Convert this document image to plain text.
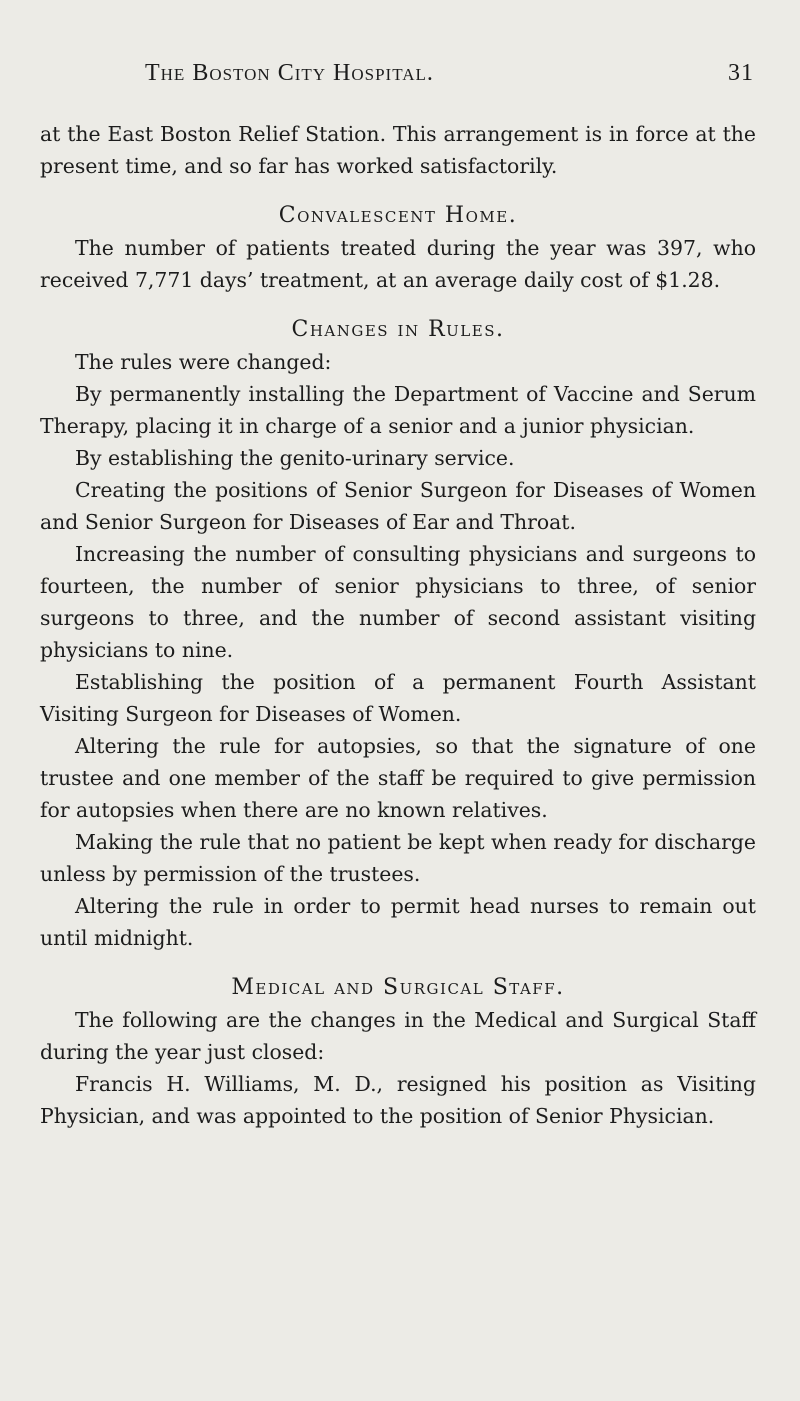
The Boston City Hospital.	31

at the East Boston Relief Station. This arrangement is in force at the present time, and so far has worked satisfactorily.

Convalescent Home.

The number of patients treated during the year was 397, who received 7,771 days’ treatment, at an average daily cost of $1.28.

Changes in Rules.

The rules were changed:

By permanently installing the Department of Vaccine and Serum Therapy, placing it in charge of a senior and a junior physician.

By establishing the genito-urinary service.

Creating the positions of Senior Surgeon for Diseases of Women and Senior Surgeon for Diseases of Ear and Throat.

Increasing the number of consulting physicians and surgeons to fourteen, the number of senior physicians to three, of senior surgeons to three, and the number of second assistant visiting physicians to nine.

Establishing the position of a permanent Fourth Assistant Visiting Surgeon for Diseases of Women.

Altering the rule for autopsies, so that the signature of one trustee and one member of the staff be required to give permission for autopsies when there are no known relatives.

Making the rule that no patient be kept when ready for discharge unless by permission of the trustees.

Altering the rule in order to permit head nurses to remain out until midnight.

Medical and Surgical Staff.

The following are the changes in the Medical and Surgical Staff during the year just closed:

Francis H. Williams, M. D., resigned his position as Visiting Physician, and was appointed to the position of Senior Physician.
